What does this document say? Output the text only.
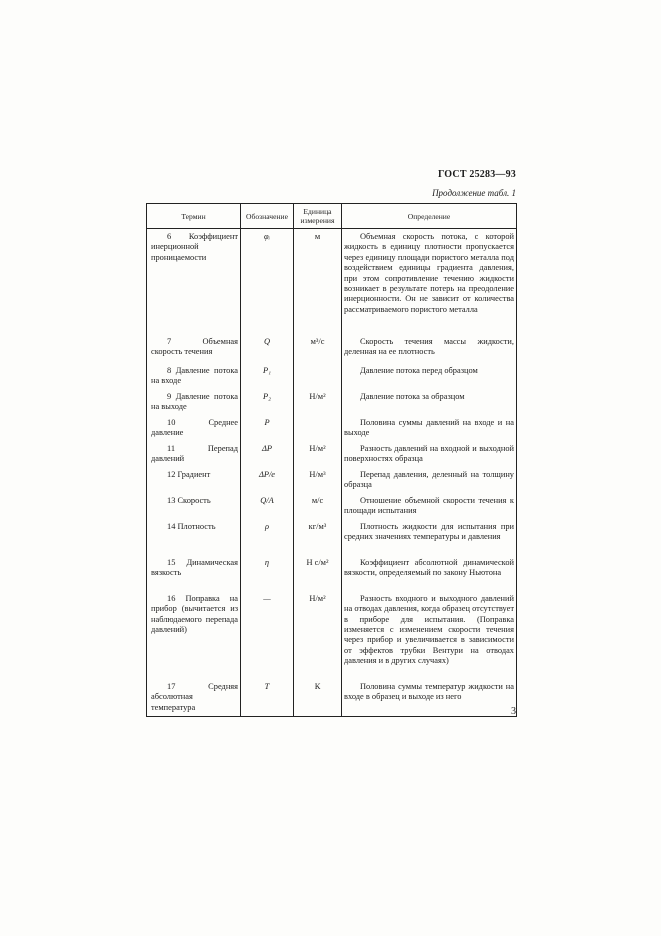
ГОСТ 25283—93
Продолжение табл. 1
Термин	Обозначение	Единица измерения	Определение
6 Коэффициент инерционной проницаемости	φᵢ	м	Объемная скорость потока, с которой жидкость в единицу плотности пропускается через единицу площади пористого металла под воздействием единицы градиента давления, при этом сопротивление течению жидкости возникает в результате потерь на преодоление инерционности. Он не зависит от количества рассматриваемого пористого металла
7 Объемная скорость течения	Q	м³/с	Скорость течения массы жидкости, деленная на ее плотность
8 Давление потока на входе	P₁		Давление потока перед образцом
9 Давление потока на выходе	P₂	Н/м²	Давление потока за образцом
10 Среднее давление	P		Половина суммы давлений на входе и на выходе
11 Перепад давлений	ΔP	Н/м²	Разность давлений на входной и выходной поверхностях образца
12 Градиент	ΔP/e	Н/м³	Перепад давления, деленный на толщину образца
13 Скорость	Q/A	м/с	Отношение объемной скорости течения к площади испытания
14 Плотность	ρ	кг/м³	Плотность жидкости для испытания при средних значениях температуры и давления
15 Динамическая вязкость	η	Н с/м²	Коэффициент абсолютной динамической вязкости, определяемый по закону Ньютона
16 Поправка на прибор (вычитается из наблюдаемого перепада давлений)	—	Н/м²	Разность входного и выходного давлений на отводах давления, когда образец отсутствует в приборе для испытания. (Поправка изменяется с изменением скорости течения через прибор и увеличивается в зависимости от эффектов трубки Вентури на отводах давления и в других случаях)
17 Средняя абсолютная температура	T	К	Половина суммы температур жидкости на входе в образец и выходе из него
3
